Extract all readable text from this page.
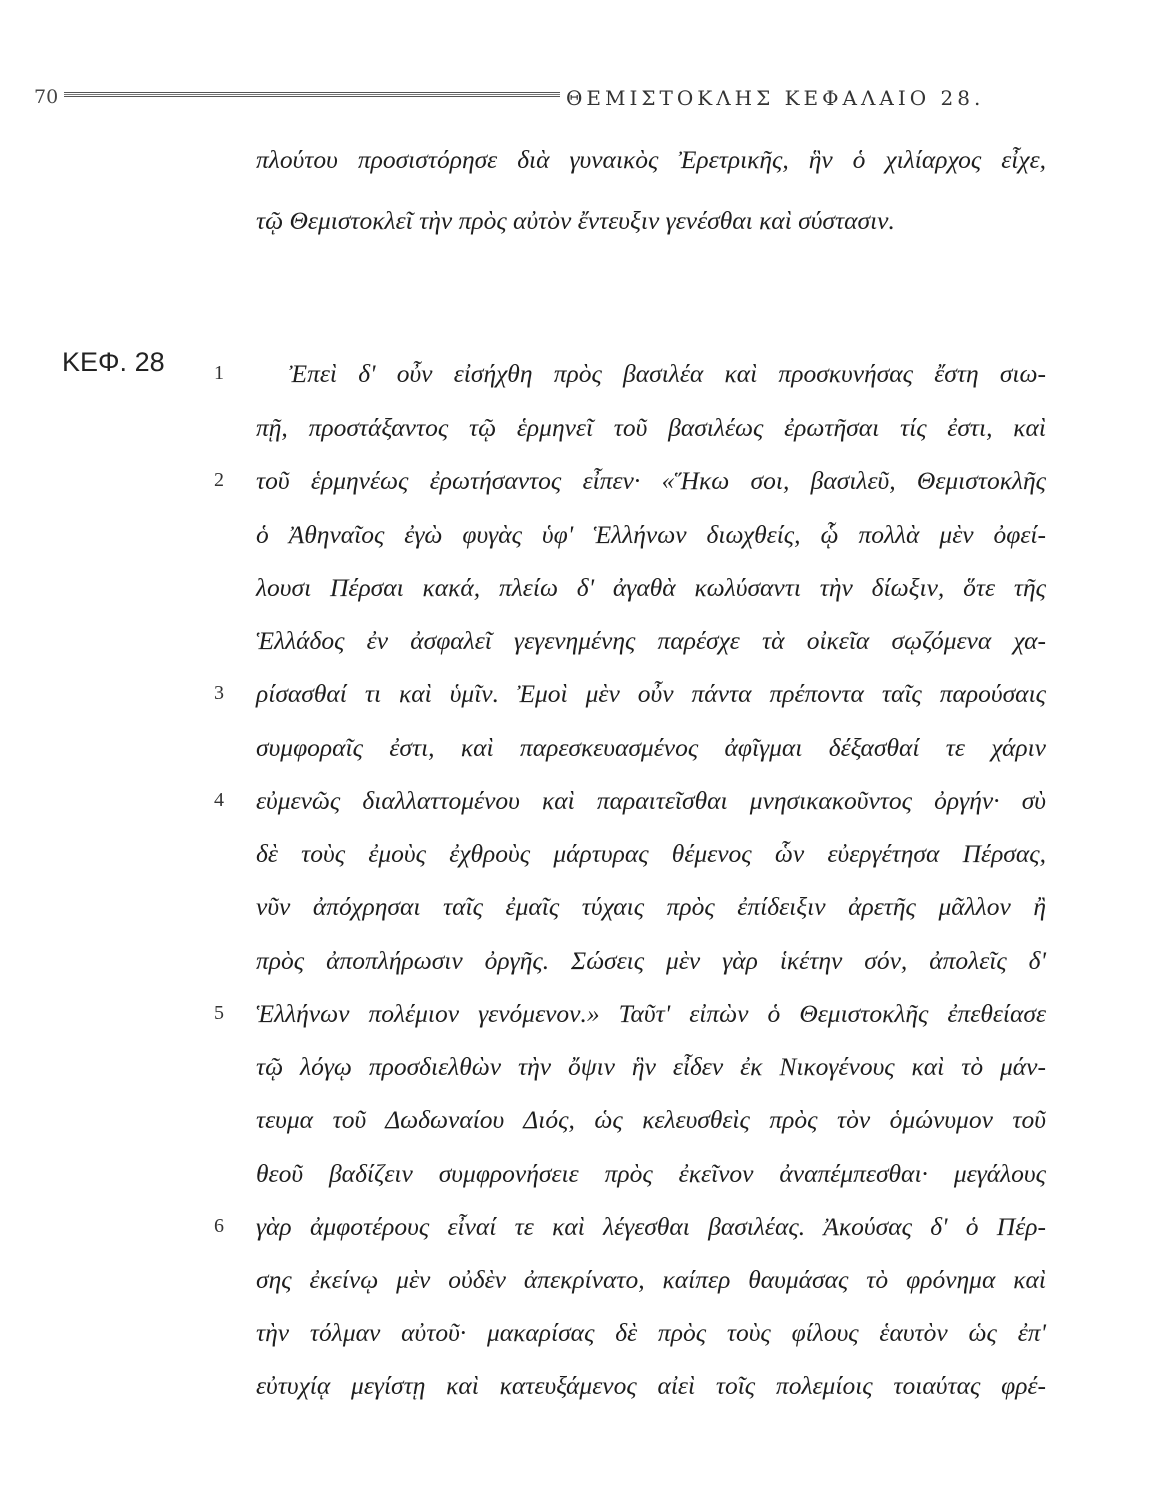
70	ΘΕΜΙΣΤΟΚΛΗΣ ΚΕΦΑΛΑΙΟ 28.
ΚΕΦ. 28
πλούτου προσιστόρησε διὰ γυναικὸς Ἐρετρικῆς, ἣν ὁ χιλίαρχος εἶχε,
τῷ Θεμιστοκλεῖ τὴν πρὸς αὐτὸν ἔντευξιν γενέσθαι καὶ σύστασιν.
1	Ἐπεὶ δ' οὖν εἰσήχθη πρὸς βασιλέα καὶ προσκυνήσας ἔστη σιω-
πῇ, προστάξαντος τῷ ἑρμηνεῖ τοῦ βασιλέως ἐρωτῆσαι τίς ἐστι, καὶ
2 τοῦ ἑρμηνέως ἐρωτήσαντος εἶπεν· «Ἥκω σοι, βασιλεῦ, Θεμιστοκλῆς
ὁ Ἀθηναῖος ἐγὼ φυγὰς ὑφ' Ἑλλήνων διωχθείς, ᾧ πολλὰ μὲν ὀφεί-
λουσι Πέρσαι κακά, πλείω δ' ἀγαθὰ κωλύσαντι τὴν δίωξιν, ὅτε τῆς
Ἑλλάδος ἐν ἀσφαλεῖ γεγενημένης παρέσχε τὰ οἰκεῖα σῳζόμενα χα-
3 ρίσασθαί τι καὶ ὑμῖν. Ἐμοὶ μὲν οὖν πάντα πρέποντα ταῖς παρούσαις
συμφοραῖς ἐστι, καὶ παρεσκευασμένος ἀφῖγμαι δέξασθαί τε χάριν
4 εὐμενῶς διαλλαττομένου καὶ παραιτεῖσθαι μνησικακοῦντος ὀργήν· σὺ
δὲ τοὺς ἐμοὺς ἐχθροὺς μάρτυρας θέμενος ὧν εὐεργέτησα Πέρσας,
νῦν ἀπόχρησαι ταῖς ἐμαῖς τύχαις πρὸς ἐπίδειξιν ἀρετῆς μᾶλλον ἢ
πρὸς ἀποπλήρωσιν ὀργῆς. Σώσεις μὲν γὰρ ἱκέτην σόν, ἀπολεῖς δ'
5 Ἑλλήνων πολέμιον γενόμενον.» Ταῦτ' εἰπὼν ὁ Θεμιστοκλῆς ἐπεθείασε
τῷ λόγῳ προσδιελθὼν τὴν ὄψιν ἣν εἶδεν ἐκ Νικογένους καὶ τὸ μάν-
τευμα τοῦ Δωδωναίου Διός, ὡς κελευσθεὶς πρὸς τὸν ὁμώνυμον τοῦ
θεοῦ βαδίζειν συμφρονήσειε πρὸς ἐκεῖνον ἀναπέμπεσθαι· μεγάλους
6 γὰρ ἀμφοτέρους εἶναί τε καὶ λέγεσθαι βασιλέας. Ἀκούσας δ' ὁ Πέρ-
σης ἐκείνῳ μὲν οὐδὲν ἀπεκρίνατο, καίπερ θαυμάσας τὸ φρόνημα καὶ
τὴν τόλμαν αὐτοῦ· μακαρίσας δὲ πρὸς τοὺς φίλους ἑαυτὸν ὡς ἐπ'
εὐτυχίᾳ μεγίστῃ καὶ κατευξάμενος αἰεὶ τοῖς πολεμίοις τοιαύτας φρέ-
